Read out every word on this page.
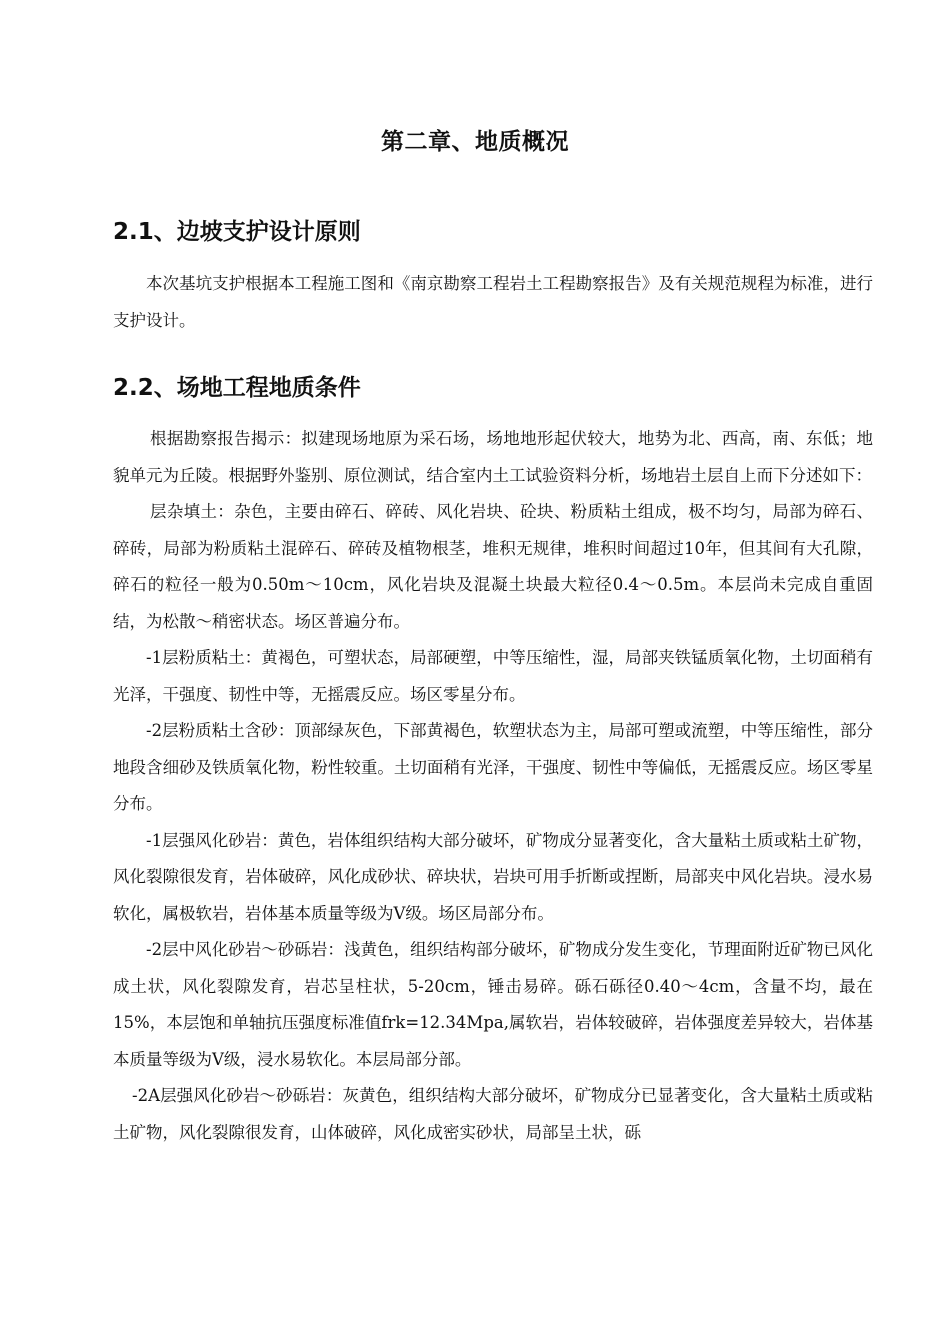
第二章、地质概况
2.1、边坡支护设计原则

本次基坑支护根据本工程施工图和《南京勘察工程岩土工程勘察报告》及有关规范规程为标准，进行支护设计。

2.2、场地工程地质条件

根据勘察报告揭示：拟建现场地原为采石场，场地地形起伏较大，地势为北、西高，南、东低；地貌单元为丘陵。根据野外鉴别、原位测试，结合室内土工试验资料分析，场地岩土层自上而下分述如下：

层杂填土：杂色，主要由碎石、碎砖、风化岩块、砼块、粉质粘土组成，极不均匀，局部为碎石、碎砖，局部为粉质粘土混碎石、碎砖及植物根茎，堆积无规律，堆积时间超过10年，但其间有大孔隙，碎石的粒径一般为0.50m～10cm，风化岩块及混凝土块最大粒径0.4～0.5m。本层尚未完成自重固结，为松散～稍密状态。场区普遍分布。

-1层粉质粘土：黄褐色，可塑状态，局部硬塑，中等压缩性，湿，局部夹铁锰质氧化物，土切面稍有光泽，干强度、韧性中等，无摇震反应。场区零星分布。

-2层粉质粘土含砂：顶部绿灰色，下部黄褐色，软塑状态为主，局部可塑或流塑，中等压缩性，部分地段含细砂及铁质氧化物，粉性较重。土切面稍有光泽，干强度、韧性中等偏低，无摇震反应。场区零星分布。

-1层强风化砂岩：黄色，岩体组织结构大部分破坏，矿物成分显著变化，含大量粘土质或粘土矿物，风化裂隙很发育，岩体破碎，风化成砂状、碎块状，岩块可用手折断或捏断，局部夹中风化岩块。浸水易软化，属极软岩，岩体基本质量等级为Ⅴ级。场区局部分布。

-2层中风化砂岩～砂砾岩：浅黄色，组织结构部分破坏，矿物成分发生变化，节理面附近矿物已风化成土状，风化裂隙发育，岩芯呈柱状，5-20cm，锤击易碎。砾石砾径0.40～4cm，含量不均，最在15%，本层饱和单轴抗压强度标准值frk=12.34Mpa,属软岩，岩体较破碎，岩体强度差异较大，岩体基本质量等级为Ⅴ级，浸水易软化。本层局部分部。

-2A层强风化砂岩～砂砾岩：灰黄色，组织结构大部分破坏，矿物成分已显著变化，含大量粘土质或粘土矿物，风化裂隙很发育，山体破碎，风化成密实砂状，局部呈土状，砾
